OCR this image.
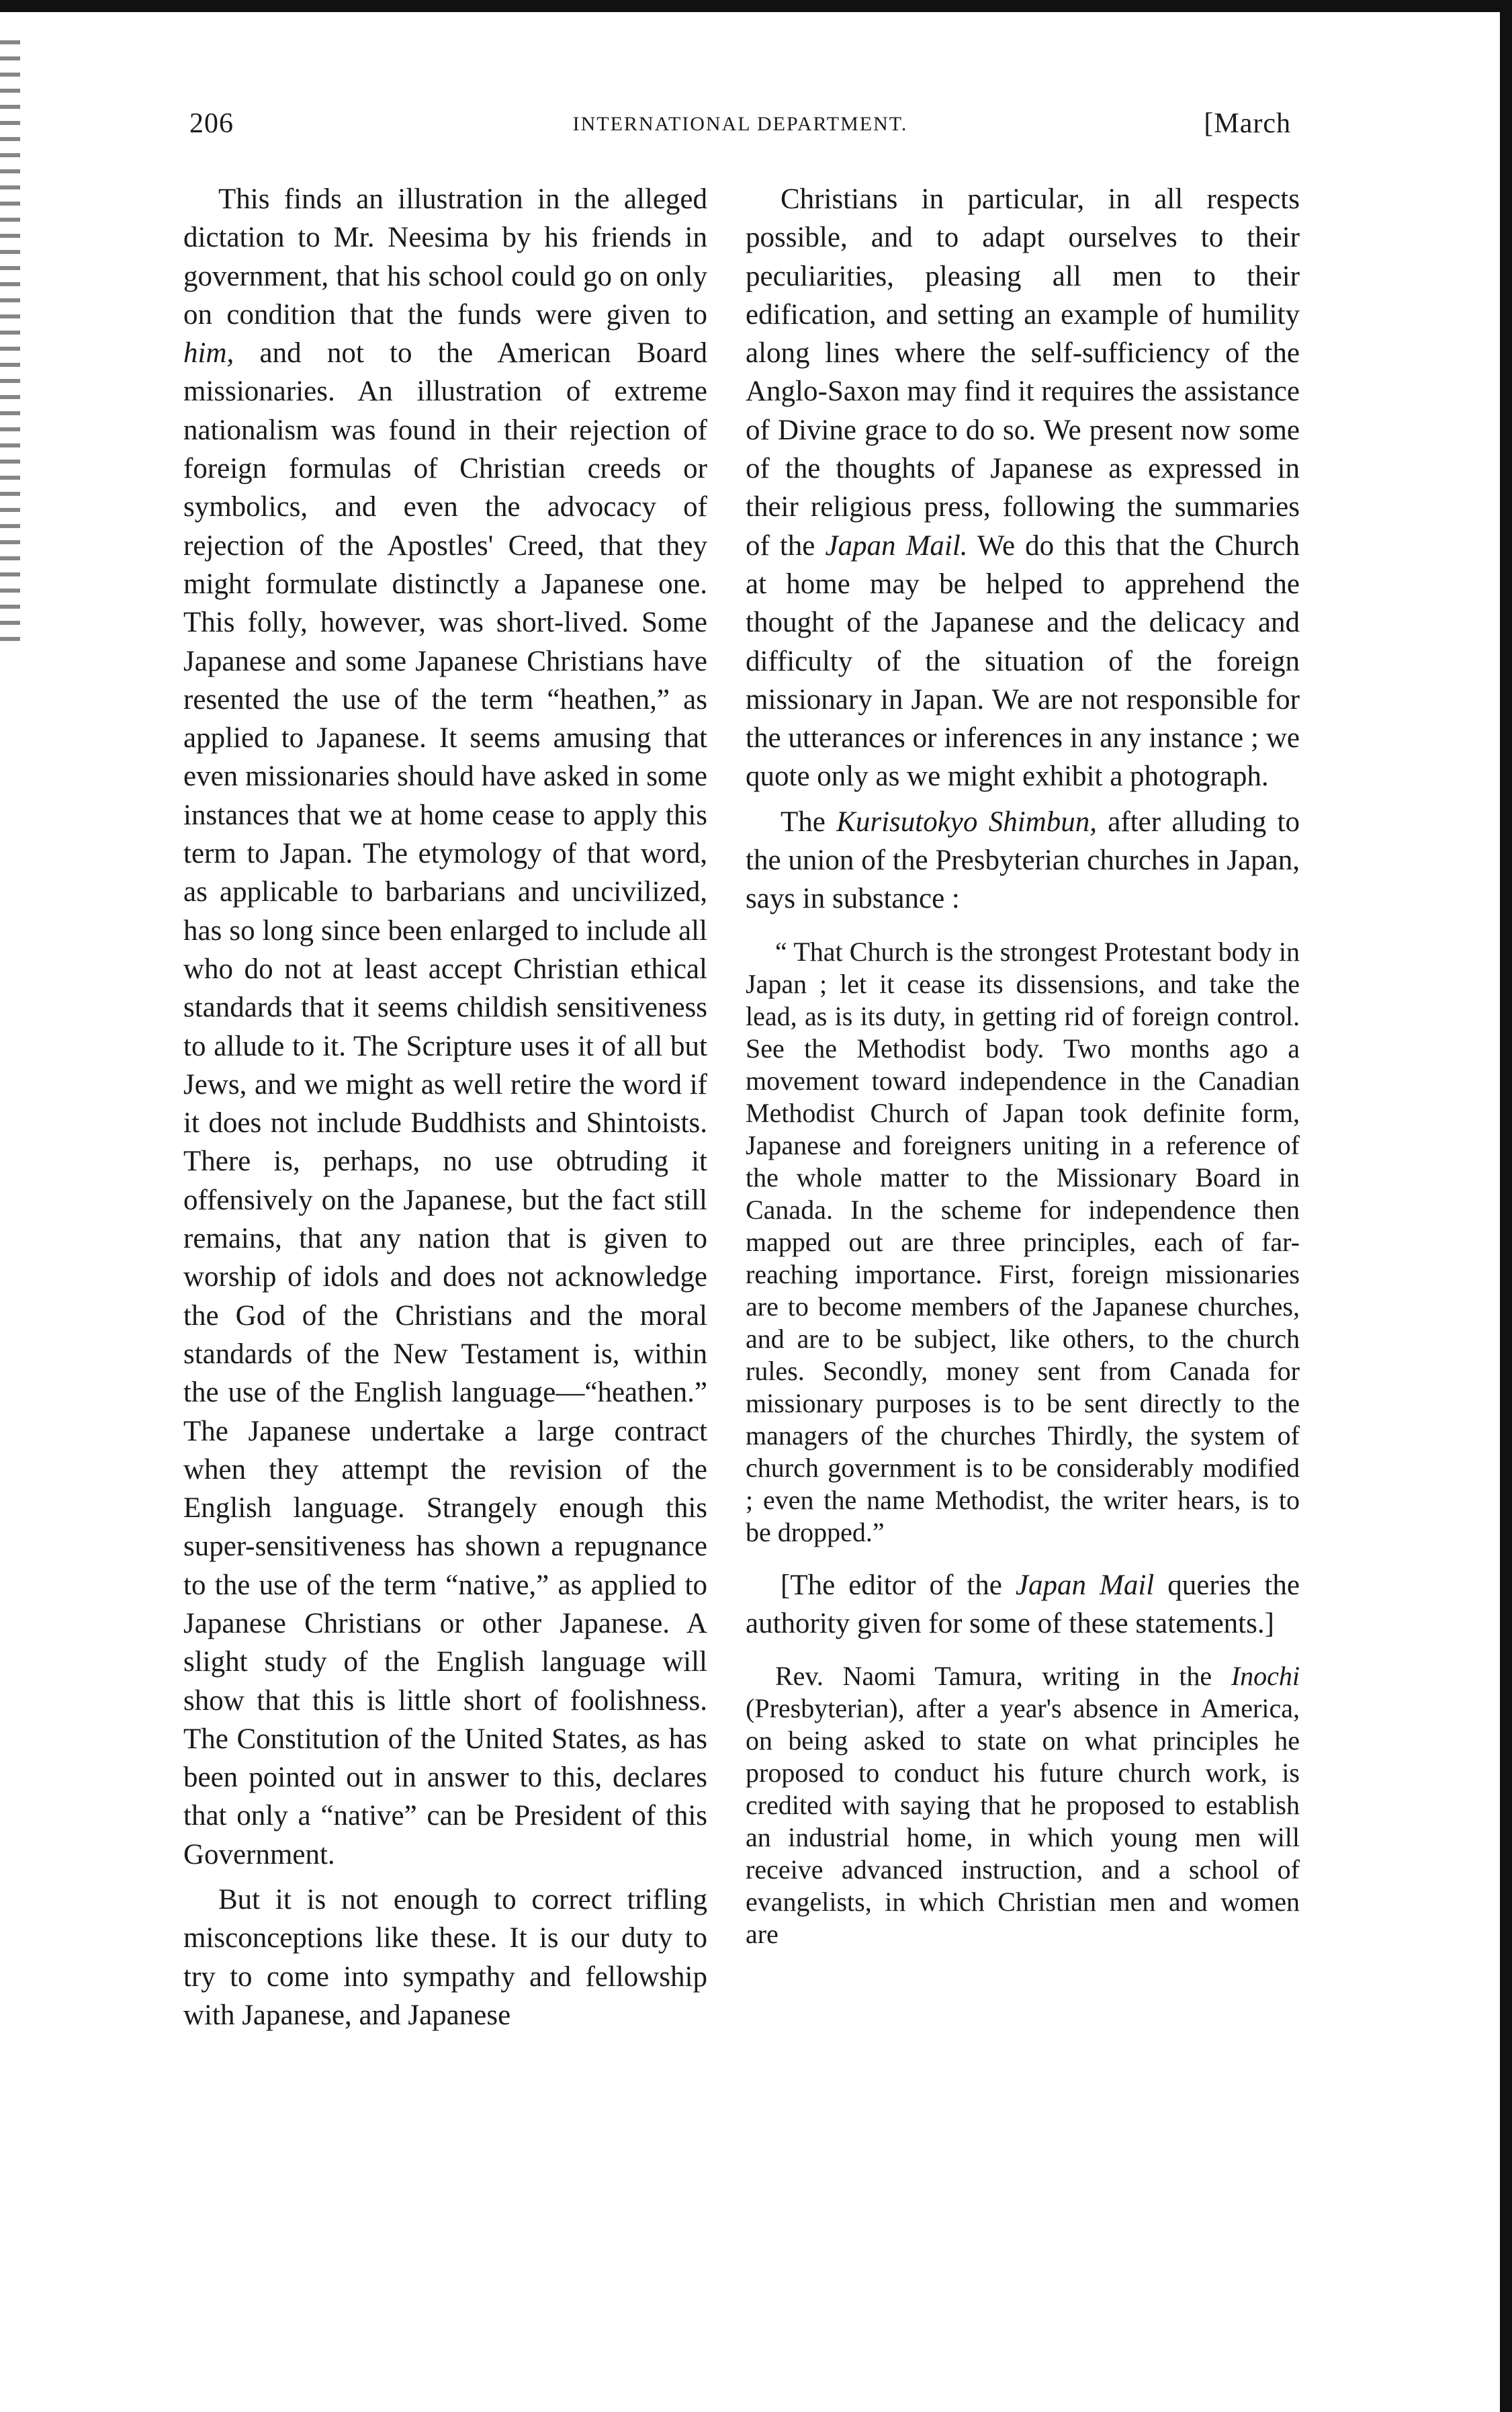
206	INTERNATIONAL DEPARTMENT.	[March

This finds an illustration in the alleged dictation to Mr. Neesima by his friends in government, that his school could go on only on condition that the funds were given to him, and not to the American Board missionaries. An illustration of extreme nationalism was found in their rejection of foreign formulas of Christian creeds or symbolics, and even the advocacy of rejection of the Apostles' Creed, that they might formulate distinctly a Japanese one. This folly, however, was short-lived. Some Japanese and some Japanese Christians have resented the use of the term “heathen,” as applied to Japanese. It seems amusing that even missionaries should have asked in some instances that we at home cease to apply this term to Japan. The etymology of that word, as applicable to barbarians and uncivilized, has so long since been enlarged to include all who do not at least accept Christian ethical standards that it seems childish sensitiveness to allude to it. The Scripture uses it of all but Jews, and we might as well retire the word if it does not include Buddhists and Shintoists. There is, perhaps, no use obtruding it offensively on the Japanese, but the fact still remains, that any nation that is given to worship of idols and does not acknowledge the God of the Christians and the moral standards of the New Testament is, within the use of the English language—“heathen.” The Japanese undertake a large contract when they attempt the revision of the English language. Strangely enough this super-sensitiveness has shown a repugnance to the use of the term “native,” as applied to Japanese Christians or other Japanese. A slight study of the English language will show that this is little short of foolishness. The Constitution of the United States, as has been pointed out in answer to this, declares that only a “native” can be President of this Government.

But it is not enough to correct trifling misconceptions like these. It is our duty to try to come into sympathy and fellowship with Japanese, and Japanese

Christians in particular, in all respects possible, and to adapt ourselves to their peculiarities, pleasing all men to their edification, and setting an example of humility along lines where the self-sufficiency of the Anglo-Saxon may find it requires the assistance of Divine grace to do so. We present now some of the thoughts of Japanese as expressed in their religious press, following the summaries of the Japan Mail. We do this that the Church at home may be helped to apprehend the thought of the Japanese and the delicacy and difficulty of the situation of the foreign missionary in Japan. We are not responsible for the utterances or inferences in any instance ; we quote only as we might exhibit a photograph.

The Kurisutokyo Shimbun, after alluding to the union of the Presbyterian churches in Japan, says in substance :

“ That Church is the strongest Protestant body in Japan ; let it cease its dissensions, and take the lead, as is its duty, in getting rid of foreign control. See the Methodist body. Two months ago a movement toward independence in the Canadian Methodist Church of Japan took definite form, Japanese and foreigners uniting in a reference of the whole matter to the Missionary Board in Canada. In the scheme for independence then mapped out are three principles, each of far-reaching importance. First, foreign missionaries are to become members of the Japanese churches, and are to be subject, like others, to the church rules. Secondly, money sent from Canada for missionary purposes is to be sent directly to the managers of the churches Thirdly, the system of church government is to be considerably modified ; even the name Methodist, the writer hears, is to be dropped.”

[The editor of the Japan Mail queries the authority given for some of these statements.]

Rev. Naomi Tamura, writing in the Inochi (Presbyterian), after a year's absence in America, on being asked to state on what principles he proposed to conduct his future church work, is credited with saying that he proposed to establish an industrial home, in which young men will receive advanced instruction, and a school of evangelists, in which Christian men and women are
